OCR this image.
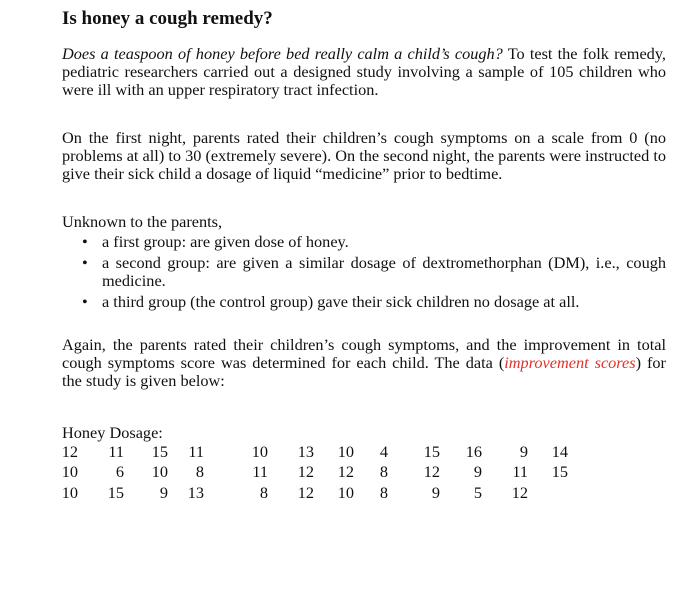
Is honey a cough remedy?
Does a teaspoon of honey before bed really calm a child’s cough? To test the folk remedy, pediatric researchers carried out a designed study involving a sample of 105 children who were ill with an upper respiratory tract infection.
On the first night, parents rated their children’s cough symptoms on a scale from 0 (no problems at all) to 30 (extremely severe). On the second night, the parents were instructed to give their sick child a dosage of liquid “medicine” prior to bedtime.
Unknown to the parents,
• a first group: are given dose of honey.
• a second group: are given a similar dosage of dextromethorphan (DM), i.e., cough medicine.
• a third group (the control group) gave their sick children no dosage at all.
Again, the parents rated their children’s cough symptoms, and the improvement in total cough symptoms score was determined for each child. The data (improvement scores) for the study is given below:
Honey Dosage:
12	11	15	11	10	13	10	4	15	16	9	14
10	6	10	8	11	12	12	8	12	9	11	15
10	15	9	13	8	12	10	8	9	5	12
